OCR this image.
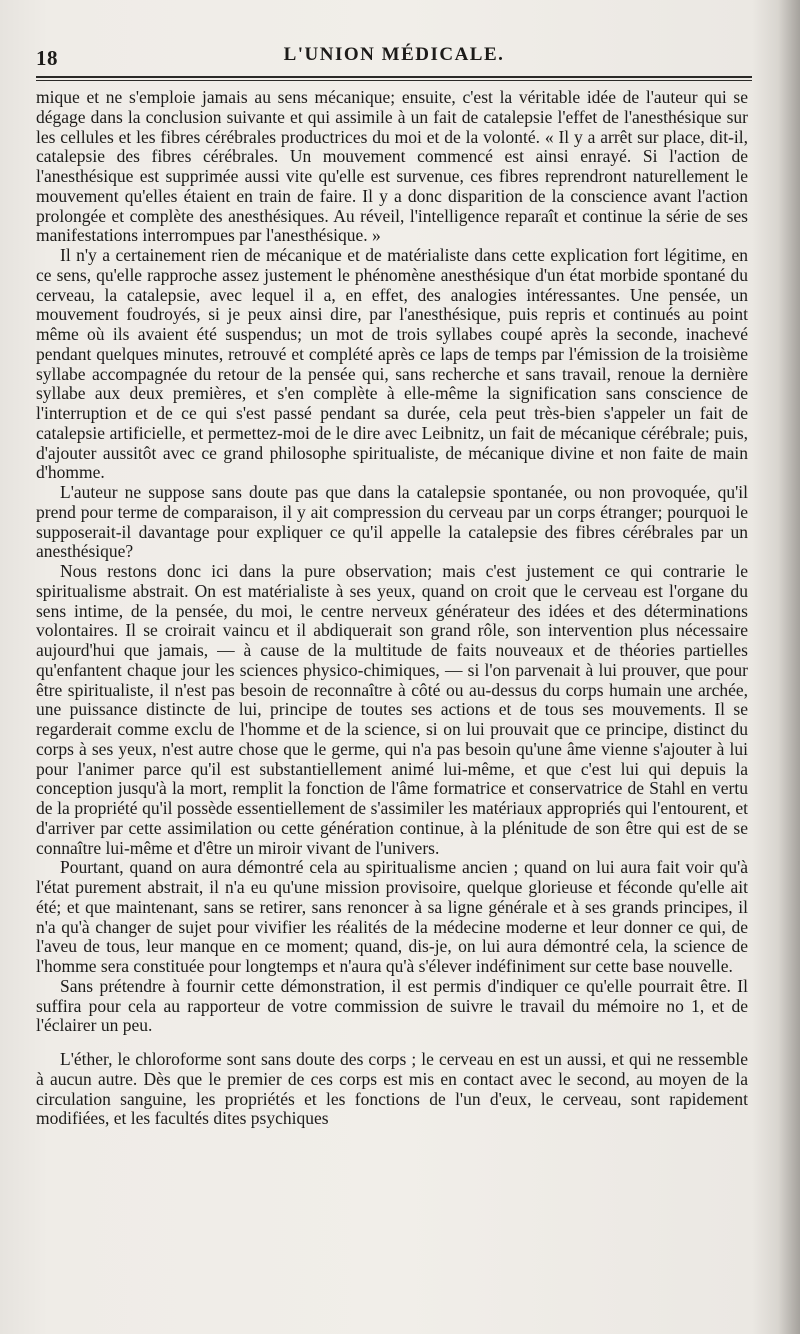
18	L'UNION MÉDICALE.

mique et ne s'emploie jamais au sens mécanique; ensuite, c'est la véritable idée de l'auteur qui se dégage dans la conclusion suivante et qui assimile à un fait de catalepsie l'effet de l'anesthésique sur les cellules et les fibres cérébrales productrices du moi et de la volonté. « Il y a arrêt sur place, dit-il, catalepsie des fibres cérébrales. Un mouvement commencé est ainsi enrayé. Si l'action de l'anesthésique est supprimée aussi vite qu'elle est survenue, ces fibres reprendront naturellement le mouvement qu'elles étaient en train de faire. Il y a donc disparition de la conscience avant l'action prolongée et complète des anesthésiques. Au réveil, l'intelligence reparaît et continue la série de ses manifestations interrompues par l'anesthésique. »

Il n'y a certainement rien de mécanique et de matérialiste dans cette explication fort légitime, en ce sens, qu'elle rapproche assez justement le phénomène anesthésique d'un état morbide spontané du cerveau, la catalepsie, avec lequel il a, en effet, des analogies intéressantes. Une pensée, un mouvement foudroyés, si je peux ainsi dire, par l'anesthésique, puis repris et continués au point même où ils avaient été suspendus; un mot de trois syllabes coupé après la seconde, inachevé pendant quelques minutes, retrouvé et complété après ce laps de temps par l'émission de la troisième syllabe accompagnée du retour de la pensée qui, sans recherche et sans travail, renoue la dernière syllabe aux deux premières, et s'en complète à elle-même la signification sans conscience de l'interruption et de ce qui s'est passé pendant sa durée, cela peut très-bien s'appeler un fait de catalepsie artificielle, et permettez-moi de le dire avec Leibnitz, un fait de mécanique cérébrale; puis, d'ajouter aussitôt avec ce grand philosophe spiritualiste, de mécanique divine et non faite de main d'homme.

L'auteur ne suppose sans doute pas que dans la catalepsie spontanée, ou non provoquée, qu'il prend pour terme de comparaison, il y ait compression du cerveau par un corps étranger; pourquoi le supposerait-il davantage pour expliquer ce qu'il appelle la catalepsie des fibres cérébrales par un anesthésique?

Nous restons donc ici dans la pure observation; mais c'est justement ce qui contrarie le spiritualisme abstrait. On est matérialiste à ses yeux, quand on croit que le cerveau est l'organe du sens intime, de la pensée, du moi, le centre nerveux générateur des idées et des déterminations volontaires. Il se croirait vaincu et il abdiquerait son grand rôle, son intervention plus nécessaire aujourd'hui que jamais, — à cause de la multitude de faits nouveaux et de théories partielles qu'enfantent chaque jour les sciences physico-chimiques, — si l'on parvenait à lui prouver, que pour être spiritualiste, il n'est pas besoin de reconnaître à côté ou au-dessus du corps humain une archée, une puissance distincte de lui, principe de toutes ses actions et de tous ses mouvements. Il se regarderait comme exclu de l'homme et de la science, si on lui prouvait que ce principe, distinct du corps à ses yeux, n'est autre chose que le germe, qui n'a pas besoin qu'une âme vienne s'ajouter à lui pour l'animer parce qu'il est substantiellement animé lui-même, et que c'est lui qui depuis la conception jusqu'à la mort, remplit la fonction de l'âme formatrice et conservatrice de Stahl en vertu de la propriété qu'il possède essentiellement de s'assimiler les matériaux appropriés qui l'entourent, et d'arriver par cette assimilation ou cette génération continue, à la plénitude de son être qui est de se connaître lui-même et d'être un miroir vivant de l'univers.

Pourtant, quand on aura démontré cela au spiritualisme ancien ; quand on lui aura fait voir qu'à l'état purement abstrait, il n'a eu qu'une mission provisoire, quelque glorieuse et féconde qu'elle ait été; et que maintenant, sans se retirer, sans renoncer à sa ligne générale et à ses grands principes, il n'a qu'à changer de sujet pour vivifier les réalités de la médecine moderne et leur donner ce qui, de l'aveu de tous, leur manque en ce moment; quand, dis-je, on lui aura démontré cela, la science de l'homme sera constituée pour longtemps et n'aura qu'à s'élever indéfiniment sur cette base nouvelle.

Sans prétendre à fournir cette démonstration, il est permis d'indiquer ce qu'elle pourrait être. Il suffira pour cela au rapporteur de votre commission de suivre le travail du mémoire no 1, et de l'éclairer un peu.

L'éther, le chloroforme sont sans doute des corps ; le cerveau en est un aussi, et qui ne ressemble à aucun autre. Dès que le premier de ces corps est mis en contact avec le second, au moyen de la circulation sanguine, les propriétés et les fonctions de l'un d'eux, le cerveau, sont rapidement modifiées, et les facultés dites psychiques
